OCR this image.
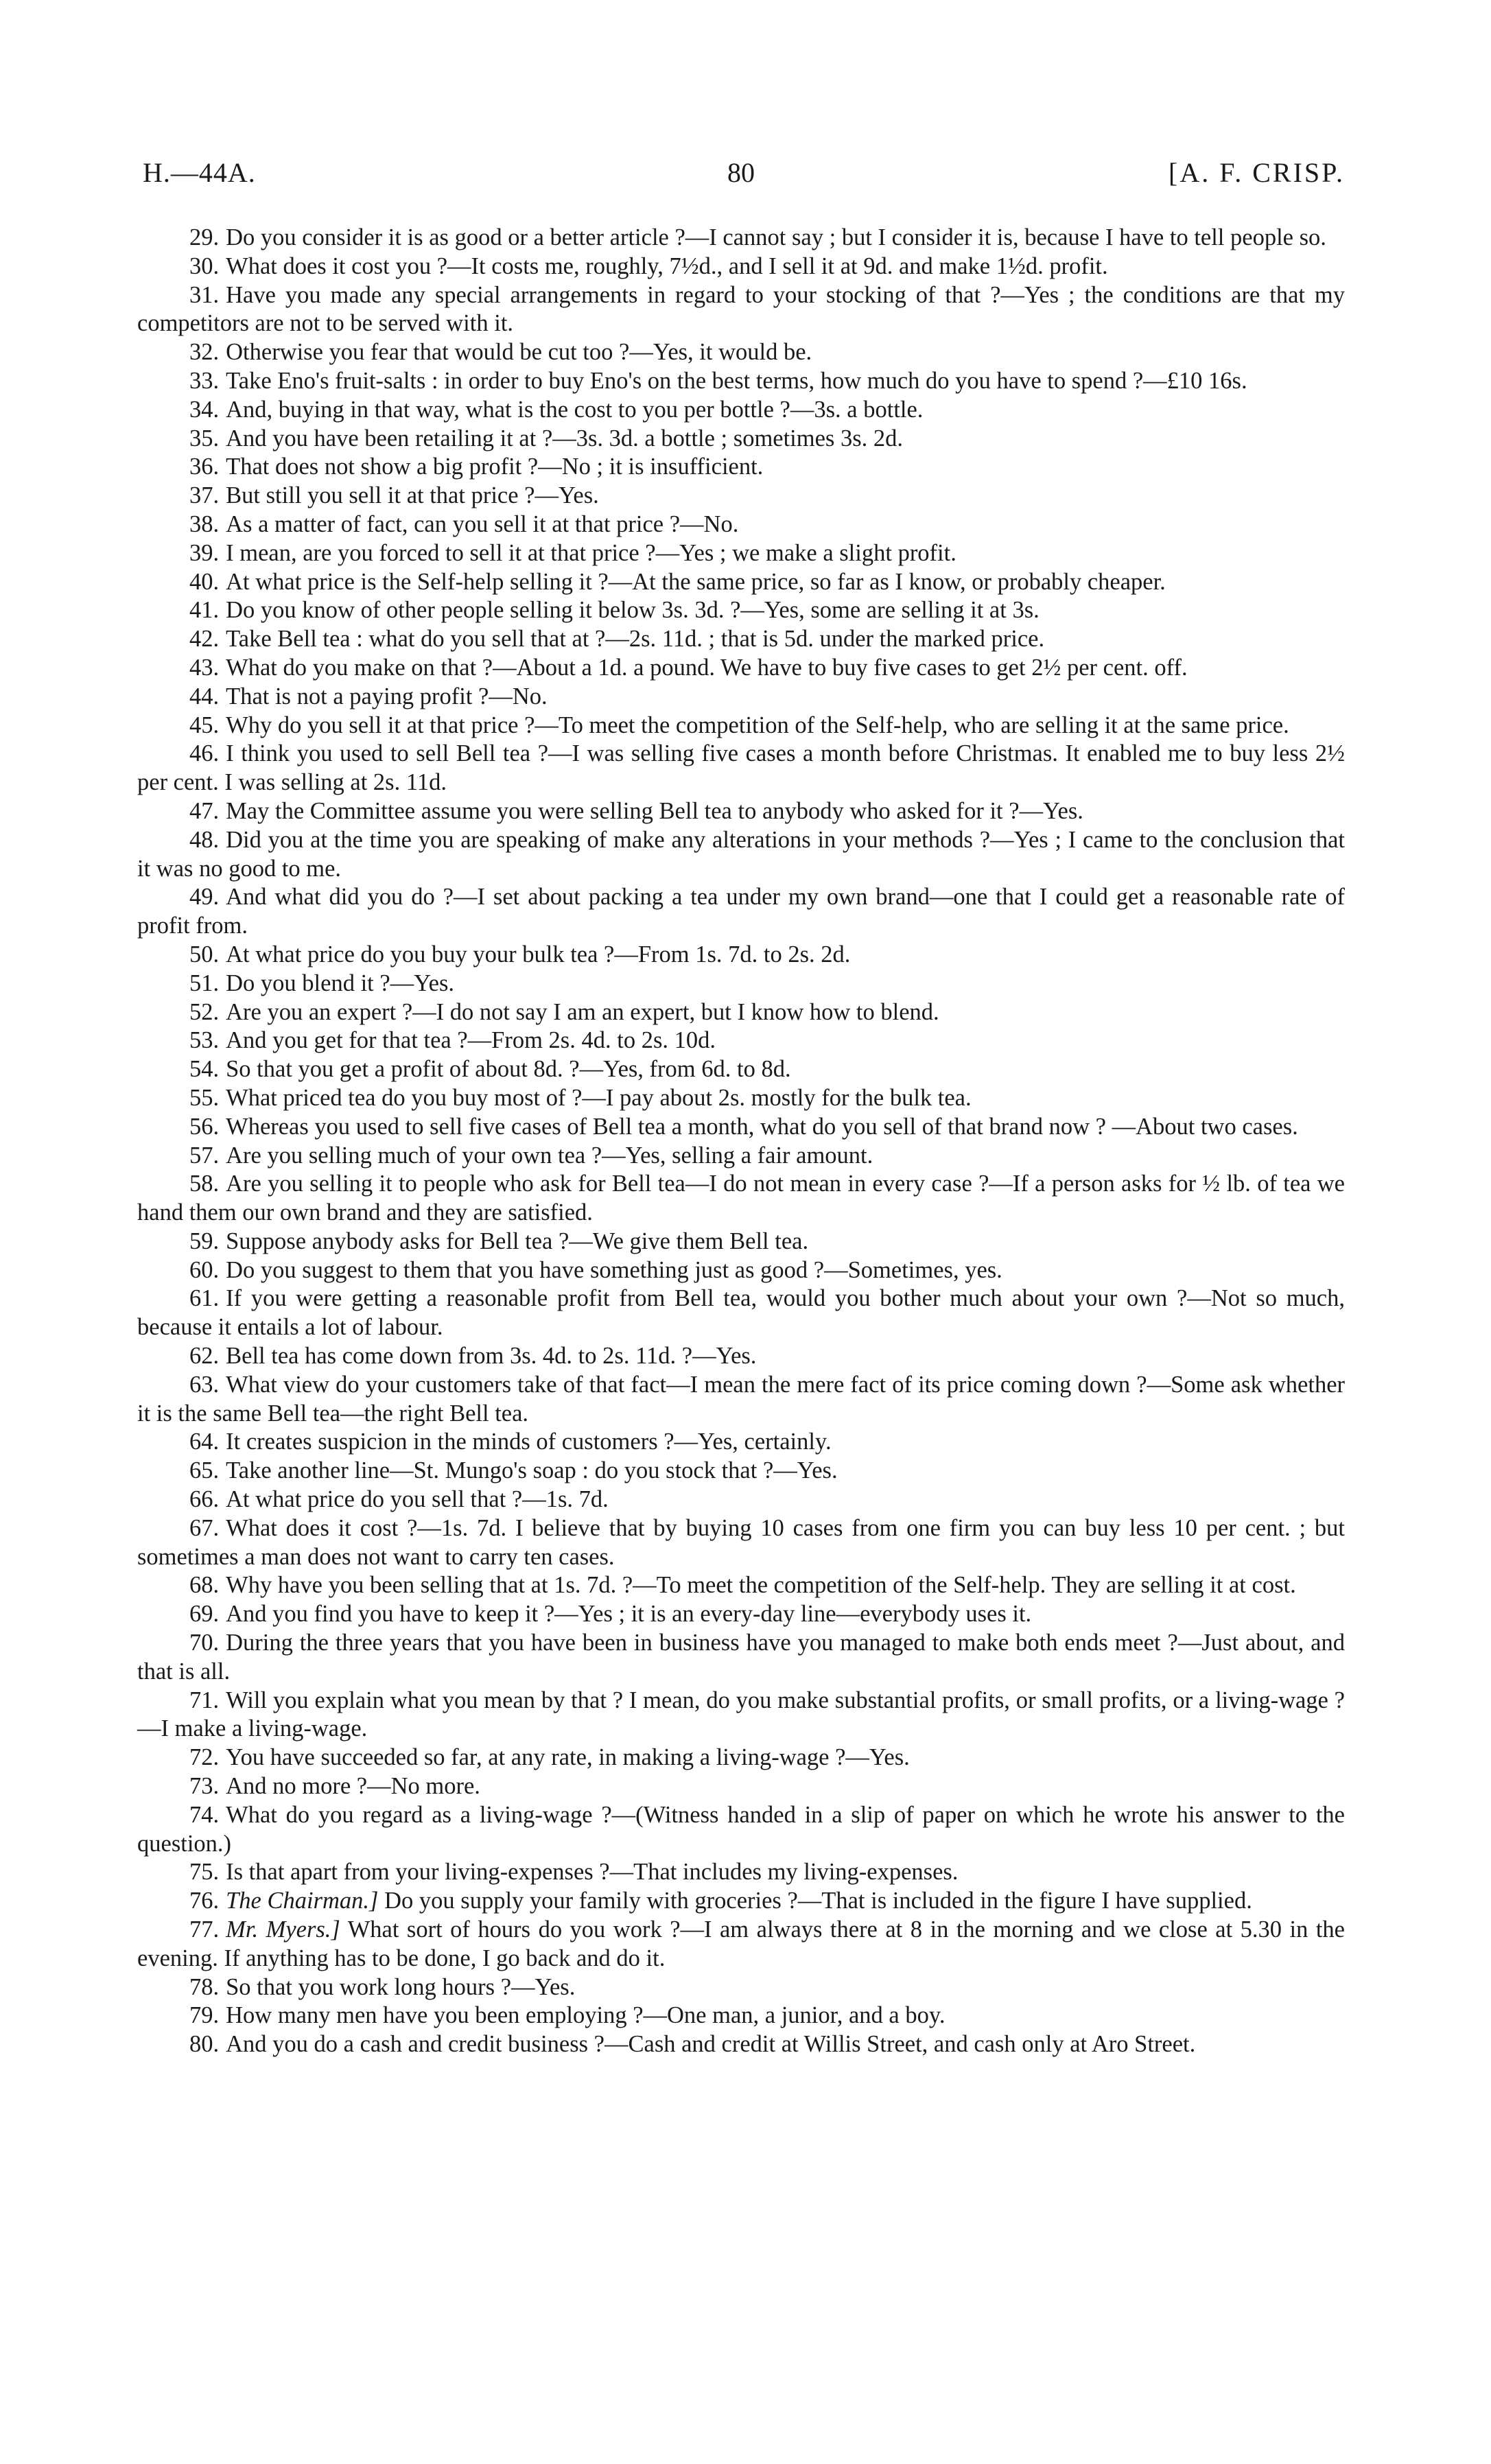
H.—44A.	80	[A. F. CRISP.

29. Do you consider it is as good or a better article ?—I cannot say ; but I consider it is, because I have to tell people so.

30. What does it cost you ?—It costs me, roughly, 7½d., and I sell it at 9d. and make 1½d. profit.

31. Have you made any special arrangements in regard to your stocking of that ?—Yes ; the conditions are that my competitors are not to be served with it.

32. Otherwise you fear that would be cut too ?—Yes, it would be.

33. Take Eno's fruit-salts : in order to buy Eno's on the best terms, how much do you have to spend ?—£10 16s.

34. And, buying in that way, what is the cost to you per bottle ?—3s. a bottle.

35. And you have been retailing it at ?—3s. 3d. a bottle ; sometimes 3s. 2d.

36. That does not show a big profit ?—No ; it is insufficient.

37. But still you sell it at that price ?—Yes.

38. As a matter of fact, can you sell it at that price ?—No.

39. I mean, are you forced to sell it at that price ?—Yes ; we make a slight profit.

40. At what price is the Self-help selling it ?—At the same price, so far as I know, or probably cheaper.

41. Do you know of other people selling it below 3s. 3d. ?—Yes, some are selling it at 3s.

42. Take Bell tea : what do you sell that at ?—2s. 11d. ; that is 5d. under the marked price.

43. What do you make on that ?—About a 1d. a pound. We have to buy five cases to get 2½ per cent. off.

44. That is not a paying profit ?—No.

45. Why do you sell it at that price ?—To meet the competition of the Self-help, who are selling it at the same price.

46. I think you used to sell Bell tea ?—I was selling five cases a month before Christmas. It enabled me to buy less 2½ per cent. I was selling at 2s. 11d.

47. May the Committee assume you were selling Bell tea to anybody who asked for it ?—Yes.

48. Did you at the time you are speaking of make any alterations in your methods ?—Yes ; I came to the conclusion that it was no good to me.

49. And what did you do ?—I set about packing a tea under my own brand—one that I could get a reasonable rate of profit from.

50. At what price do you buy your bulk tea ?—From 1s. 7d. to 2s. 2d.

51. Do you blend it ?—Yes.

52. Are you an expert ?—I do not say I am an expert, but I know how to blend.

53. And you get for that tea ?—From 2s. 4d. to 2s. 10d.

54. So that you get a profit of about 8d. ?—Yes, from 6d. to 8d.

55. What priced tea do you buy most of ?—I pay about 2s. mostly for the bulk tea.

56. Whereas you used to sell five cases of Bell tea a month, what do you sell of that brand now ? —About two cases.

57. Are you selling much of your own tea ?—Yes, selling a fair amount.

58. Are you selling it to people who ask for Bell tea—I do not mean in every case ?—If a person asks for ½ lb. of tea we hand them our own brand and they are satisfied.

59. Suppose anybody asks for Bell tea ?—We give them Bell tea.

60. Do you suggest to them that you have something just as good ?—Sometimes, yes.

61. If you were getting a reasonable profit from Bell tea, would you bother much about your own ?—Not so much, because it entails a lot of labour.

62. Bell tea has come down from 3s. 4d. to 2s. 11d. ?—Yes.

63. What view do your customers take of that fact—I mean the mere fact of its price coming down ?—Some ask whether it is the same Bell tea—the right Bell tea.

64. It creates suspicion in the minds of customers ?—Yes, certainly.

65. Take another line—St. Mungo's soap : do you stock that ?—Yes.

66. At what price do you sell that ?—1s. 7d.

67. What does it cost ?—1s. 7d. I believe that by buying 10 cases from one firm you can buy less 10 per cent. ; but sometimes a man does not want to carry ten cases.

68. Why have you been selling that at 1s. 7d. ?—To meet the competition of the Self-help. They are selling it at cost.

69. And you find you have to keep it ?—Yes ; it is an every-day line—everybody uses it.

70. During the three years that you have been in business have you managed to make both ends meet ?—Just about, and that is all.

71. Will you explain what you mean by that ? I mean, do you make substantial profits, or small profits, or a living-wage ?—I make a living-wage.

72. You have succeeded so far, at any rate, in making a living-wage ?—Yes.

73. And no more ?—No more.

74. What do you regard as a living-wage ?—(Witness handed in a slip of paper on which he wrote his answer to the question.)

75. Is that apart from your living-expenses ?—That includes my living-expenses.

76. The Chairman.] Do you supply your family with groceries ?—That is included in the figure I have supplied.

77. Mr. Myers.] What sort of hours do you work ?—I am always there at 8 in the morning and we close at 5.30 in the evening. If anything has to be done, I go back and do it.

78. So that you work long hours ?—Yes.

79. How many men have you been employing ?—One man, a junior, and a boy.

80. And you do a cash and credit business ?—Cash and credit at Willis Street, and cash only at Aro Street.
